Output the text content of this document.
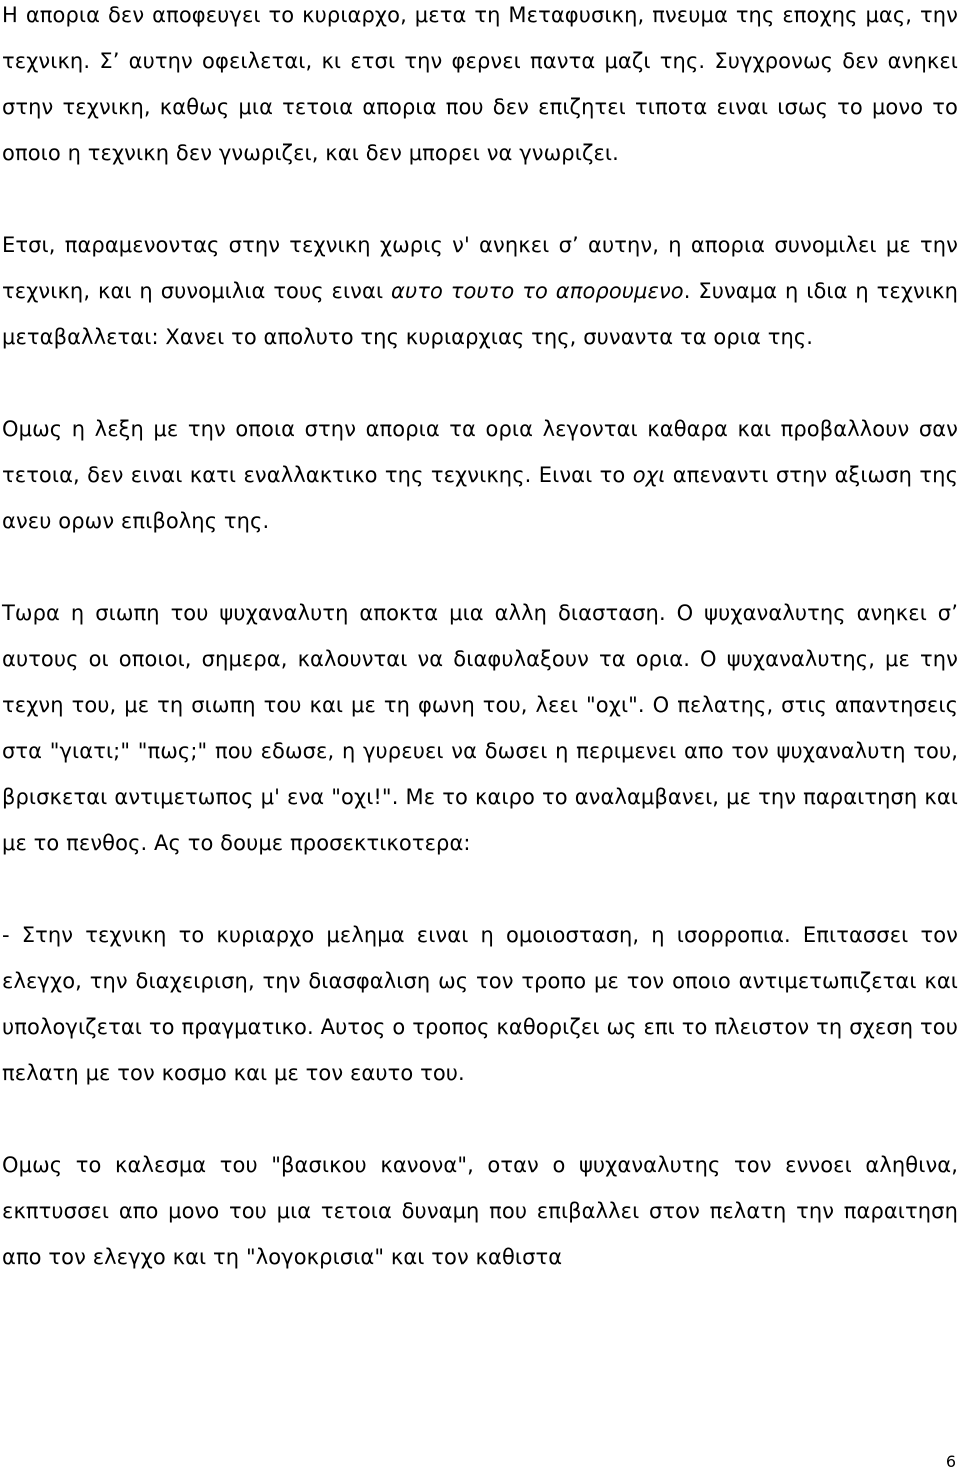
Η απορια δεν αποφευγει το κυριαρχο, μετα τη Μεταφυσικη, πνευμα της εποχης μας, την τεχνικη. Σ’ αυτην οφειλεται, κι ετσι την φερνει παντα μαζι της. Συγχρονως δεν ανηκει στην τεχνικη, καθως μια τετοια απορια που δεν επιζητει τιποτα ειναι ισως το μονο το οποιο η τεχνικη δεν γνωριζει, και δεν μπορει να γνωριζει.

Ετσι, παραμενοντας στην τεχνικη χωρις ν' ανηκει σ’ αυτην, η απορια συνομιλει με την τεχνικη, και η συνομιλια τους ειναι αυτο τουτο το απορουμενο. Συναμα η ιδια η τεχνικη μεταβαλλεται: Χανει το απολυτο της κυριαρχιας της, συναντα τα ορια της.

Ομως η λεξη με την οποια στην απορια τα ορια λεγονται καθαρα και προβαλλουν σαν τετοια, δεν ειναι κατι εναλλακτικο της τεχνικης. Ειναι το οχι απεναντι στην αξιωση της ανευ ορων επιβολης της.

Τωρα η σιωπη του ψυχαναλυτη αποκτα μια αλλη διασταση. Ο ψυχαναλυτης ανηκει σ’ αυτους οι οποιοι, σημερα, καλουνται να διαφυλαξουν τα ορια. Ο ψυχαναλυτης, με την τεχνη του, με τη σιωπη του και με τη φωνη του, λεει "οχι". Ο πελατης, στις απαντησεις στα "γιατι;" "πως;" που εδωσε, η γυρευει να δωσει η περιμενει απο τον ψυχαναλυτη του, βρισκεται αντιμετωπος μ' ενα "οχι!". Με το καιρο το αναλαμβανει, με την παραιτηση και με το πενθος. Ας το δουμε προσεκτικοτερα:

- Στην τεχνικη το κυριαρχο μεληµα ειναι η ομοιοσταση, η ισορροπια. Επιτασσει τον ελεγχο, την διαχειριση, την διασφαλιση ως τον τροπο με τον οποιο αντιμετωπιζεται και υπολογιζεται το πραγματικο. Αυτος ο τροπος καθοριζει ως επι το πλειστον τη σχεση του πελατη με τον κοσμο και με τον εαυτο του.

Ομως το καλεσμα του "βασικου κανονα", οταν ο ψυχαναλυτης τον εννοει αληθινα, εκπτυσσει απο μονο του μια τετοια δυναμη που επιβαλλει στον πελατη την παραιτηση απο τον ελεγχο και τη "λογοκρισια" και τον καθιστα

6
